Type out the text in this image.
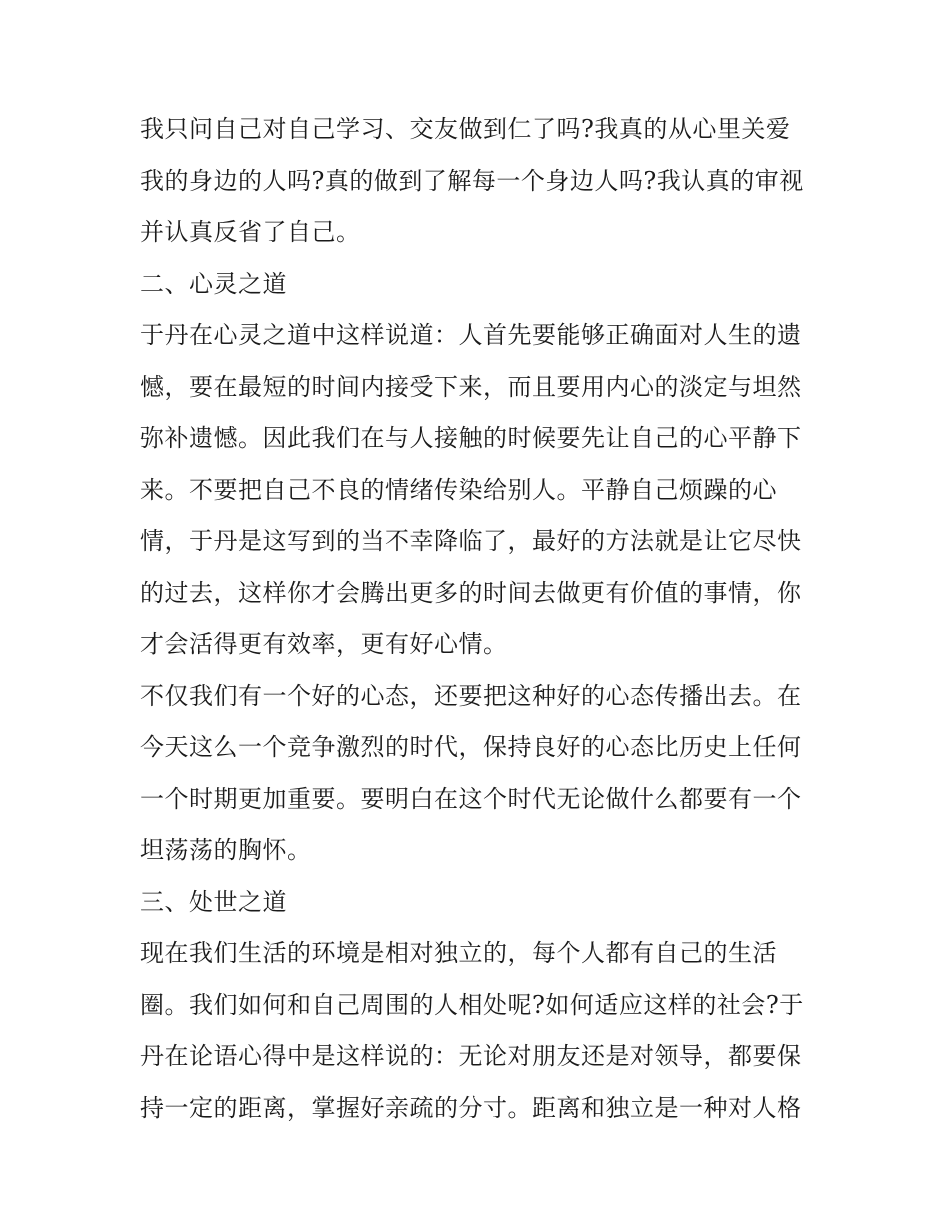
我只问自己对自己学习、交友做到仁了吗?我真的从心里关爱
我的身边的人吗?真的做到了解每一个身边人吗?我认真的审视
并认真反省了自己。
二、心灵之道
于丹在心灵之道中这样说道：人首先要能够正确面对人生的遗
憾，要在最短的时间内接受下来，而且要用内心的淡定与坦然
弥补遗憾。因此我们在与人接触的时候要先让自己的心平静下
来。不要把自己不良的情绪传染给别人。平静自己烦躁的心
情，于丹是这写到的当不幸降临了，最好的方法就是让它尽快
的过去，这样你才会腾出更多的时间去做更有价值的事情，你
才会活得更有效率，更有好心情。
不仅我们有一个好的心态，还要把这种好的心态传播出去。在
今天这么一个竞争激烈的时代，保持良好的心态比历史上任何
一个时期更加重要。要明白在这个时代无论做什么都要有一个
坦荡荡的胸怀。
三、处世之道
现在我们生活的环境是相对独立的，每个人都有自己的生活
圈。我们如何和自己周围的人相处呢?如何适应这样的社会?于
丹在论语心得中是这样说的：无论对朋友还是对领导，都要保
持一定的距离，掌握好亲疏的分寸。距离和独立是一种对人格
